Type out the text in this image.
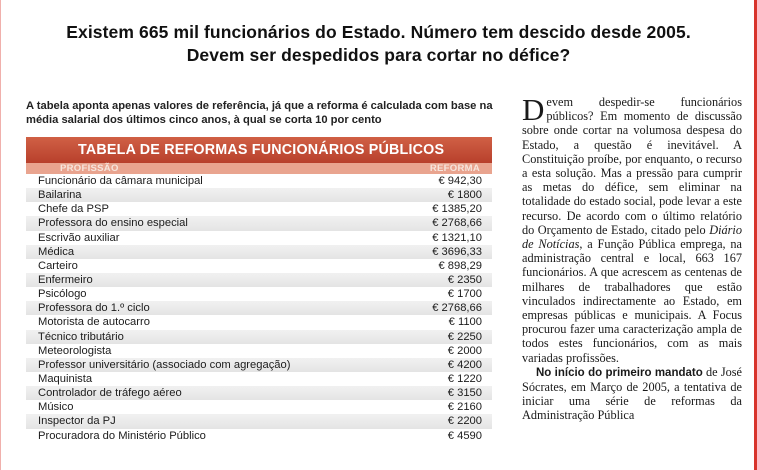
Existem 665 mil funcionários do Estado. Número tem descido desde 2005.
Devem ser despedidos para cortar no défice?
A tabela aponta apenas valores de referência, já que a reforma é calculada com base na média salarial dos últimos cinco anos, à qual se corta 10 por cento
TABELA DE REFORMAS FUNCIONÁRIOS PÚBLICOS
PROFISSÃO	REFORMA
Funcionário da câmara municipal	€ 942,30
Bailarina	€ 1800
Chefe da PSP	€ 1385,20
Professora do ensino especial	€ 2768,66
Escrivão auxiliar	€ 1321,10
Médica	€ 3696,33
Carteiro	€ 898,29
Enfermeiro	€ 2350
Psicólogo	€ 1700
Professora do 1.º ciclo	€ 2768,66
Motorista de autocarro	€ 1100
Técnico tributário	€ 2250
Meteorologista	€ 2000
Professor universitário (associado com agregação)	€ 4200
Maquinista	€ 1220
Controlador de tráfego aéreo	€ 3150
Músico	€ 2160
Inspector da PJ	€ 2200
Procuradora do Ministério Público	€ 4590

Devem despedir-se funcionários públicos? Em momento de discussão sobre onde cortar na volumosa despesa do Estado, a questão é inevitável. A Constituição proíbe, por enquanto, o recurso a esta solução. Mas a pressão para cumprir as metas do défice, sem eliminar na totalidade do estado social, pode levar a este recurso. De acordo com o último relatório do Orçamento de Estado, citado pelo Diário de Notícias, a Função Pública emprega, na administração central e local, 663 167 funcionários. A que acrescem as centenas de milhares de trabalhadores que estão vinculados indirectamente ao Estado, em empresas públicas e municipais. A Focus procurou fazer uma caracterização ampla de todos estes funcionários, com as mais variadas profissões.

No início do primeiro mandato de José Sócrates, em Março de 2005, a tentativa de iniciar uma série de reformas da Administração Pública
